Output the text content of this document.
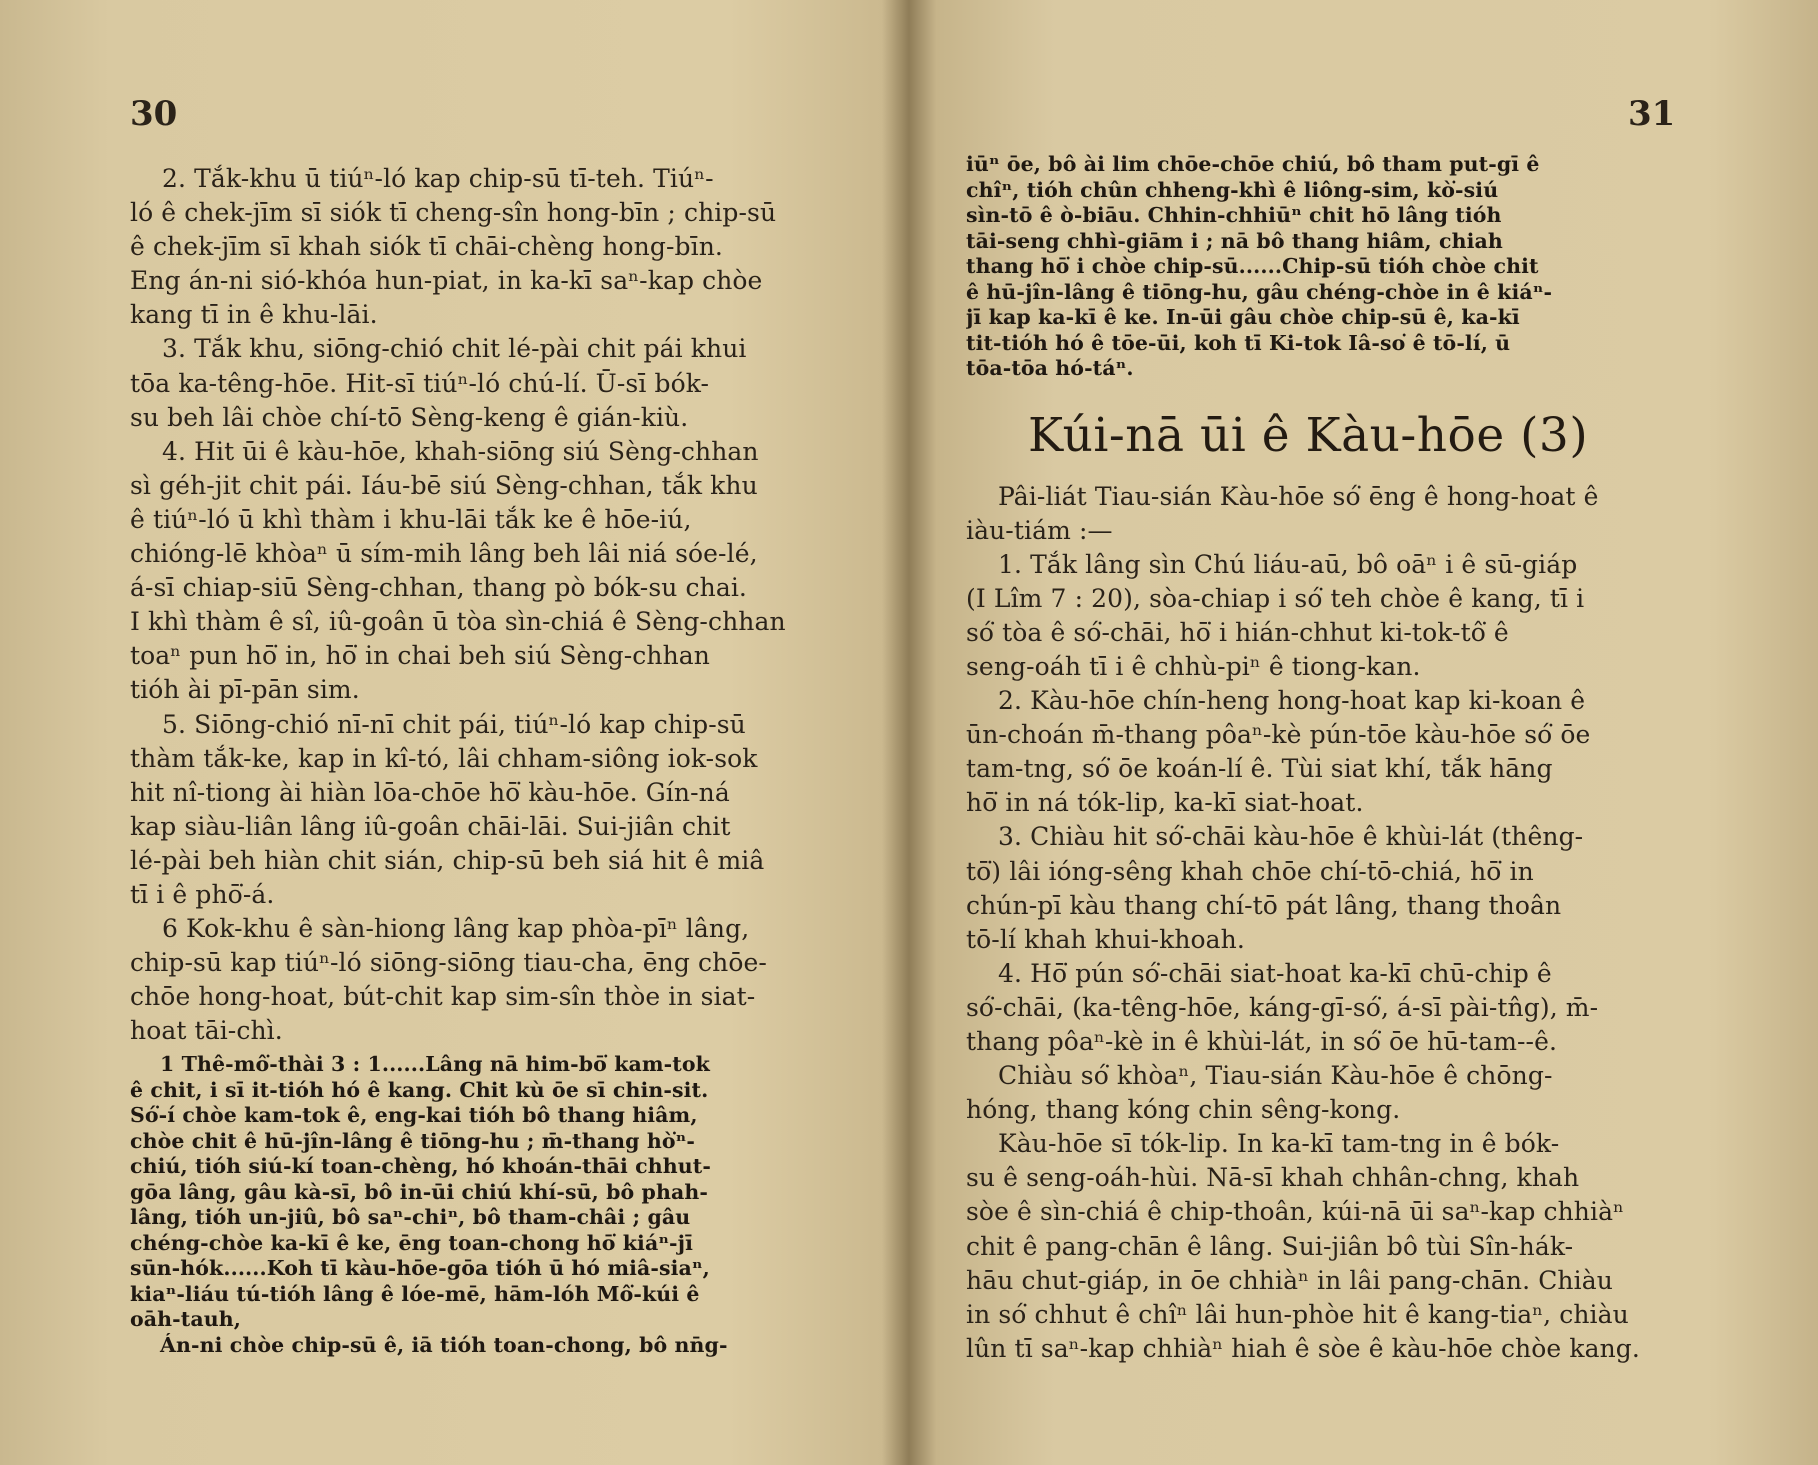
30
2. Tắk-khu ū tiúⁿ-ló kap chip-sū tī-teh. Tiúⁿ-
ló ê chek-jīm sī siók tī cheng-sîn hong-bīn ; chip-sū
ê chek-jīm sī khah siók tī chāi-chèng hong-bīn.
Eng án-ni sió-khóa hun-piat, in ka-kī saⁿ-kap chòe
kang tī in ê khu-lāi.
3. Tắk khu, siōng-chió chit lé-pài chit pái khui
tōa ka-têng-hōe. Hit-sī tiúⁿ-ló chú-lí. Ū-sī bók-
su beh lâi chòe chí-tō Sèng-keng ê gián-kiù.
4. Hit ūi ê kàu-hōe, khah-siōng siú Sèng-chhan
sì géh-jit chit pái. Iáu-bē siú Sèng-chhan, tắk khu
ê tiúⁿ-ló ū khì thàm i khu-lāi tắk ke ê hōe-iú,
chióng-lē khòaⁿ ū sím-mih lâng beh lâi niá sóe-lé,
á-sī chiap-siū Sèng-chhan, thang pò bók-su chai.
I khì thàm ê sî, iû-goân ū tòa sìn-chiá ê Sèng-chhan
toaⁿ pun hō͘ in, hō͘ in chai beh siú Sèng-chhan
tióh ài pī-pān sim.
5. Siōng-chió nī-nī chit pái, tiúⁿ-ló kap chip-sū
thàm tắk-ke, kap in kî-tó, lâi chham-siông iok-sok
hit nî-tiong ài hiàn lōa-chōe hō͘ kàu-hōe. Gín-ná
kap siàu-liân lâng iû-goân chāi-lāi. Sui-jiân chit
lé-pài beh hiàn chit sián, chip-sū beh siá hit ê miâ
tī i ê phō͘-á.
6 Kok-khu ê sàn-hiong lâng kap phòa-pīⁿ lâng,
chip-sū kap tiúⁿ-ló siōng-siōng tiau-cha, ēng chōe-
chōe hong-hoat, bút-chit kap sim-sîn thòe in siat-
hoat tāi-chì.
1 Thê-mô͘-thài 3 : 1......Lâng nā him-bō͘ kam-tok
ê chit, i sī it-tióh hó ê kang. Chit kù ōe sī chin-sit.
Só͘-í chòe kam-tok ê, eng-kai tióh bô thang hiâm,
chòe chit ê hū-jîn-lâng ê tiōng-hu ; m̄-thang hò͘ⁿ-
chiú, tióh siú-kí toan-chèng, hó khoán-thāi chhut-
gōa lâng, gâu kà-sī, bô in-ūi chiú khí-sū, bô phah-
lâng, tióh un-jiû, bô saⁿ-chiⁿ, bô tham-châi ; gâu
chéng-chòe ka-kī ê ke, ēng toan-chong hō͘ kiáⁿ-jī
sūn-hók......Koh tī kàu-hōe-gōa tióh ū hó miâ-siaⁿ,
kiaⁿ-liáu tú-tióh lâng ê lóe-mē, hām-lóh Mô͘-kúi ê
oāh-tauh,
Án-ni chòe chip-sū ê, iā tióh toan-chong, bô nn̄g-
31
iūⁿ ōe, bô ài lim chōe-chōe chiú, bô tham put-gī ê
chîⁿ, tióh chûn chheng-khì ê liông-sim, kò͘-siú
sìn-tō ê ò-biāu. Chhin-chhiūⁿ chit hō lâng tióh
tāi-seng chhì-giām i ; nā bô thang hiâm, chiah
thang hō͘ i chòe chip-sū......Chip-sū tióh chòe chit
ê hū-jîn-lâng ê tiōng-hu, gâu chéng-chòe in ê kiáⁿ-
jī kap ka-kī ê ke. In-ūi gâu chòe chip-sū ê, ka-kī
tit-tióh hó ê tōe-ūi, koh tī Ki-tok Iâ-so͘ ê tō-lí, ū
tōa-tōa hó-táⁿ.
Kúi-nā ūi ê Kàu-hōe (3)
Pâi-liát Tiau-sián Kàu-hōe só͘ ēng ê hong-hoat ê
iàu-tiám :—
1. Tắk lâng sìn Chú liáu-aū, bô oāⁿ i ê sū-giáp
(I Lîm 7 : 20), sòa-chiap i só͘ teh chòe ê kang, tī i
só͘ tòa ê só͘-chāi, hō͘ i hián-chhut ki-tok-tô͘ ê
seng-oáh tī i ê chhù-piⁿ ê tiong-kan.
2. Kàu-hōe chín-heng hong-hoat kap ki-koan ê
ūn-choán m̄-thang pôaⁿ-kè pún-tōe kàu-hōe só͘ ōe
tam-tng, só͘ ōe koán-lí ê. Tùi siat khí, tắk hāng
hō͘ in ná tók-lip, ka-kī siat-hoat.
3. Chiàu hit só͘-chāi kàu-hōe ê khùi-lát (thêng-
tō͘) lâi ióng-sêng khah chōe chí-tō-chiá, hō͘ in
chún-pī kàu thang chí-tō pát lâng, thang thoân
tō-lí khah khui-khoah.
4. Hō͘ pún só͘-chāi siat-hoat ka-kī chū-chip ê
só͘-chāi, (ka-têng-hōe, káng-gī-só͘, á-sī pài-tn̂g), m̄-
thang pôaⁿ-kè in ê khùi-lát, in só͘ ōe hū-tam--ê.
Chiàu só͘ khòaⁿ, Tiau-sián Kàu-hōe ê chōng-
hóng, thang kóng chin sêng-kong.
Kàu-hōe sī tók-lip. In ka-kī tam-tng in ê bók-
su ê seng-oáh-hùi. Nā-sī khah chhân-chng, khah
sòe ê sìn-chiá ê chip-thoân, kúi-nā ūi saⁿ-kap chhiàⁿ
chit ê pang-chān ê lâng. Sui-jiân bô tùi Sîn-hák-
hāu chut-giáp, in ōe chhiàⁿ in lâi pang-chān. Chiàu
in só͘ chhut ê chîⁿ lâi hun-phòe hit ê kang-tiaⁿ, chiàu
lûn tī saⁿ-kap chhiàⁿ hiah ê sòe ê kàu-hōe chòe kang.
